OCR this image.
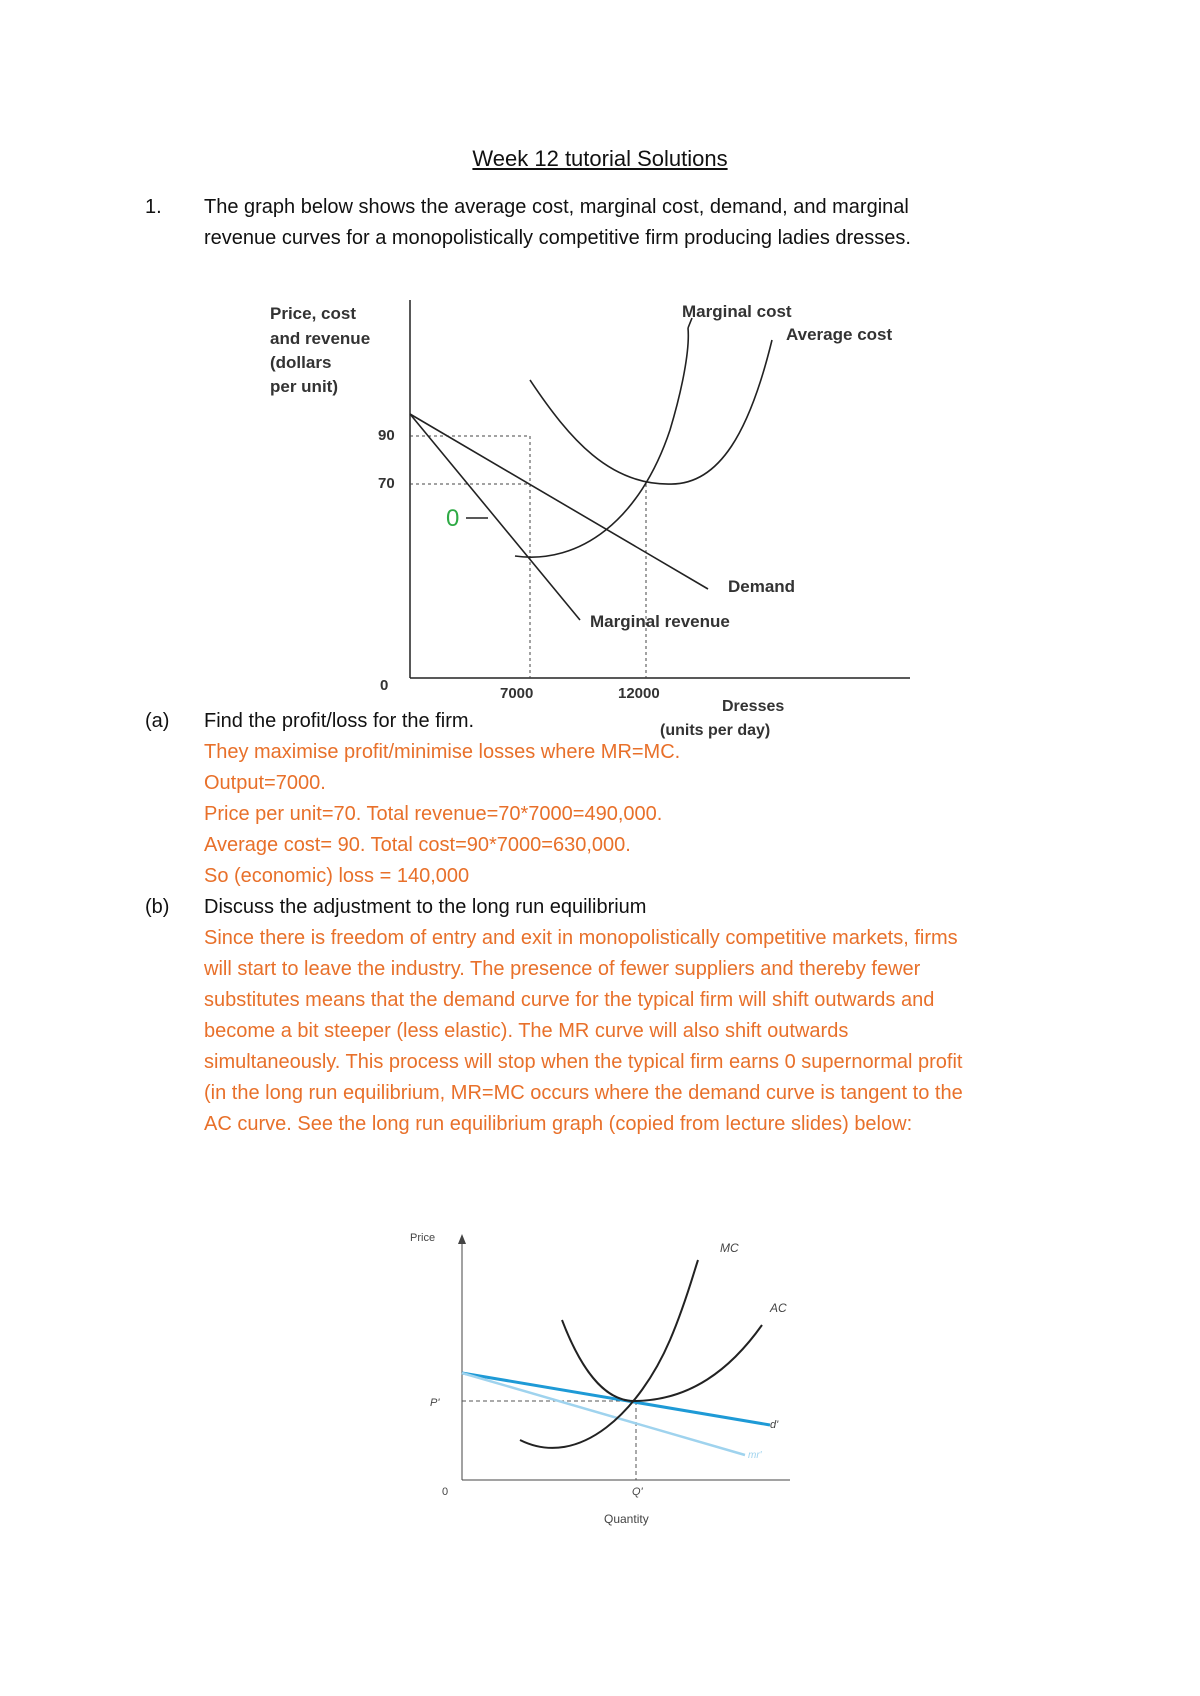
Week 12 tutorial Solutions
1. The graph below shows the average cost, marginal cost, demand, and marginal
revenue curves for a monopolistically competitive firm producing ladies dresses.
Price, cost
and revenue
(dollars
per unit)
90
70
0	7000	12000
Dresses
(units per day)
Marginal cost
Average cost
Demand
Marginal revenue
0
(a) Find the profit/loss for the firm.
They maximise profit/minimise losses where MR=MC.
Output=7000.
Price per unit=70. Total revenue=70*7000=490,000.
Average cost= 90. Total cost=90*7000=630,000.
So (economic) loss = 140,000
(b) Discuss the adjustment to the long run equilibrium
Since there is freedom of entry and exit in monopolistically competitive markets, firms
will start to leave the industry. The presence of fewer suppliers and thereby fewer
substitutes means that the demand curve for the typical firm will shift outwards and
become a bit steeper (less elastic). The MR curve will also shift outwards
simultaneously. This process will stop when the typical firm earns 0 supernormal profit
(in the long run equilibrium, MR=MC occurs where the demand curve is tangent to the
AC curve. See the long run equilibrium graph (copied from lecture slides) below:
Price
MC
AC
P'
d'
mr'
0	Q'
Quantity
